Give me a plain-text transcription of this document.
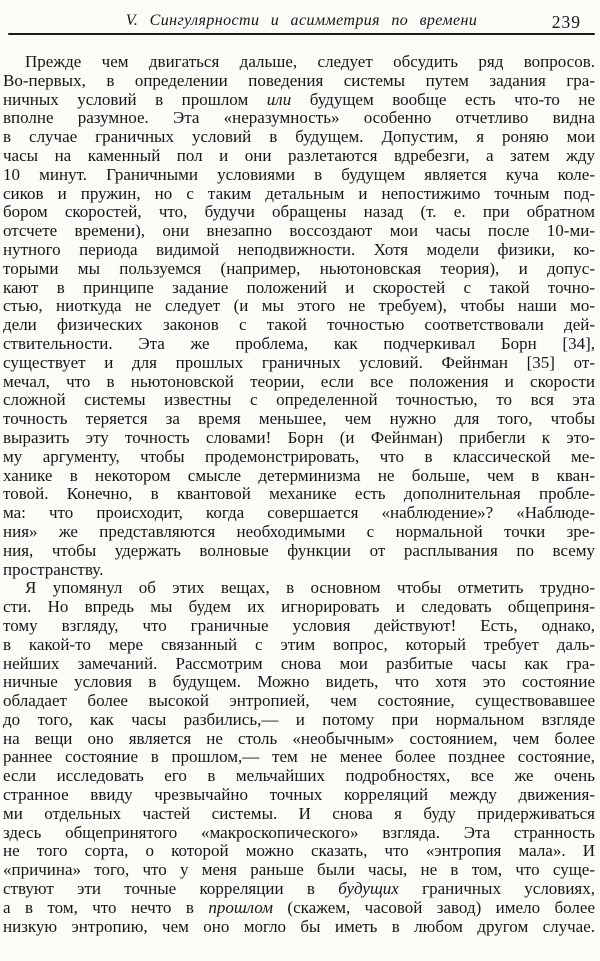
V. Сингулярности и асимметрия по времени	239
Прежде чем двигаться дальше, следует обсудить ряд вопросов.
Во-первых, в определении поведения системы путем задания гра-
ничных условий в прошлом или будущем вообще есть что-то не
вполне разумное. Эта «неразумность» особенно отчетливо видна
в случае граничных условий в будущем. Допустим, я роняю мои
часы на каменный пол и они разлетаются вдребезги, а затем жду
10 минут. Граничными условиями в будущем является куча коле-
сиков и пружин, но с таким детальным и непостижимо точным под-
бором скоростей, что, будучи обращены назад (т. е. при обратном
отсчете времени), они внезапно воссоздают мои часы после 10-ми-
нутного периода видимой неподвижности. Хотя модели физики, ко-
торыми мы пользуемся (например, ньютоновская теория), и допус-
кают в принципе задание положений и скоростей с такой точно-
стью, ниоткуда не следует (и мы этого не требуем), чтобы наши мо-
дели физических законов с такой точностью соответствовали дей-
ствительности. Эта же проблема, как подчеркивал Борн [34],
существует и для прошлых граничных условий. Фейнман [35] от-
мечал, что в ньютоновской теории, если все положения и скорости
сложной системы известны с определенной точностью, то вся эта
точность теряется за время меньшее, чем нужно для того, чтобы
выразить эту точность словами! Борн (и Фейнман) прибегли к это-
му аргументу, чтобы продемонстрировать, что в классической ме-
ханике в некотором смысле детерминизма не больше, чем в кван-
товой. Конечно, в квантовой механике есть дополнительная пробле-
ма: что происходит, когда совершается «наблюдение»? «Наблюде-
ния» же представляются необходимыми с нормальной точки зре-
ния, чтобы удержать волновые функции от расплывания по всему
пространству.
Я упомянул об этих вещах, в основном чтобы отметить трудно-
сти. Но впредь мы будем их игнорировать и следовать общеприня-
тому взгляду, что граничные условия действуют! Есть, однако,
в какой-то мере связанный с этим вопрос, который требует даль-
нейших замечаний. Рассмотрим снова мои разбитые часы как гра-
ничные условия в будущем. Можно видеть, что хотя это состояние
обладает более высокой энтропией, чем состояние, существовавшее
до того, как часы разбились,— и потому при нормальном взгляде
на вещи оно является не столь «необычным» состоянием, чем более
раннее состояние в прошлом,— тем не менее более позднее состояние,
если исследовать его в мельчайших подробностях, все же очень
странное ввиду чрезвычайно точных корреляций между движения-
ми отдельных частей системы. И снова я буду придерживаться
здесь общепринятого «макроскопического» взгляда. Эта странность
не того сорта, о которой можно сказать, что «энтропия мала». И
«причина» того, что у меня раньше были часы, не в том, что суще-
ствуют эти точные корреляции в будущих граничных условиях,
а в том, что нечто в прошлом (скажем, часовой завод) имело более
низкую энтропию, чем оно могло бы иметь в любом другом случае.
